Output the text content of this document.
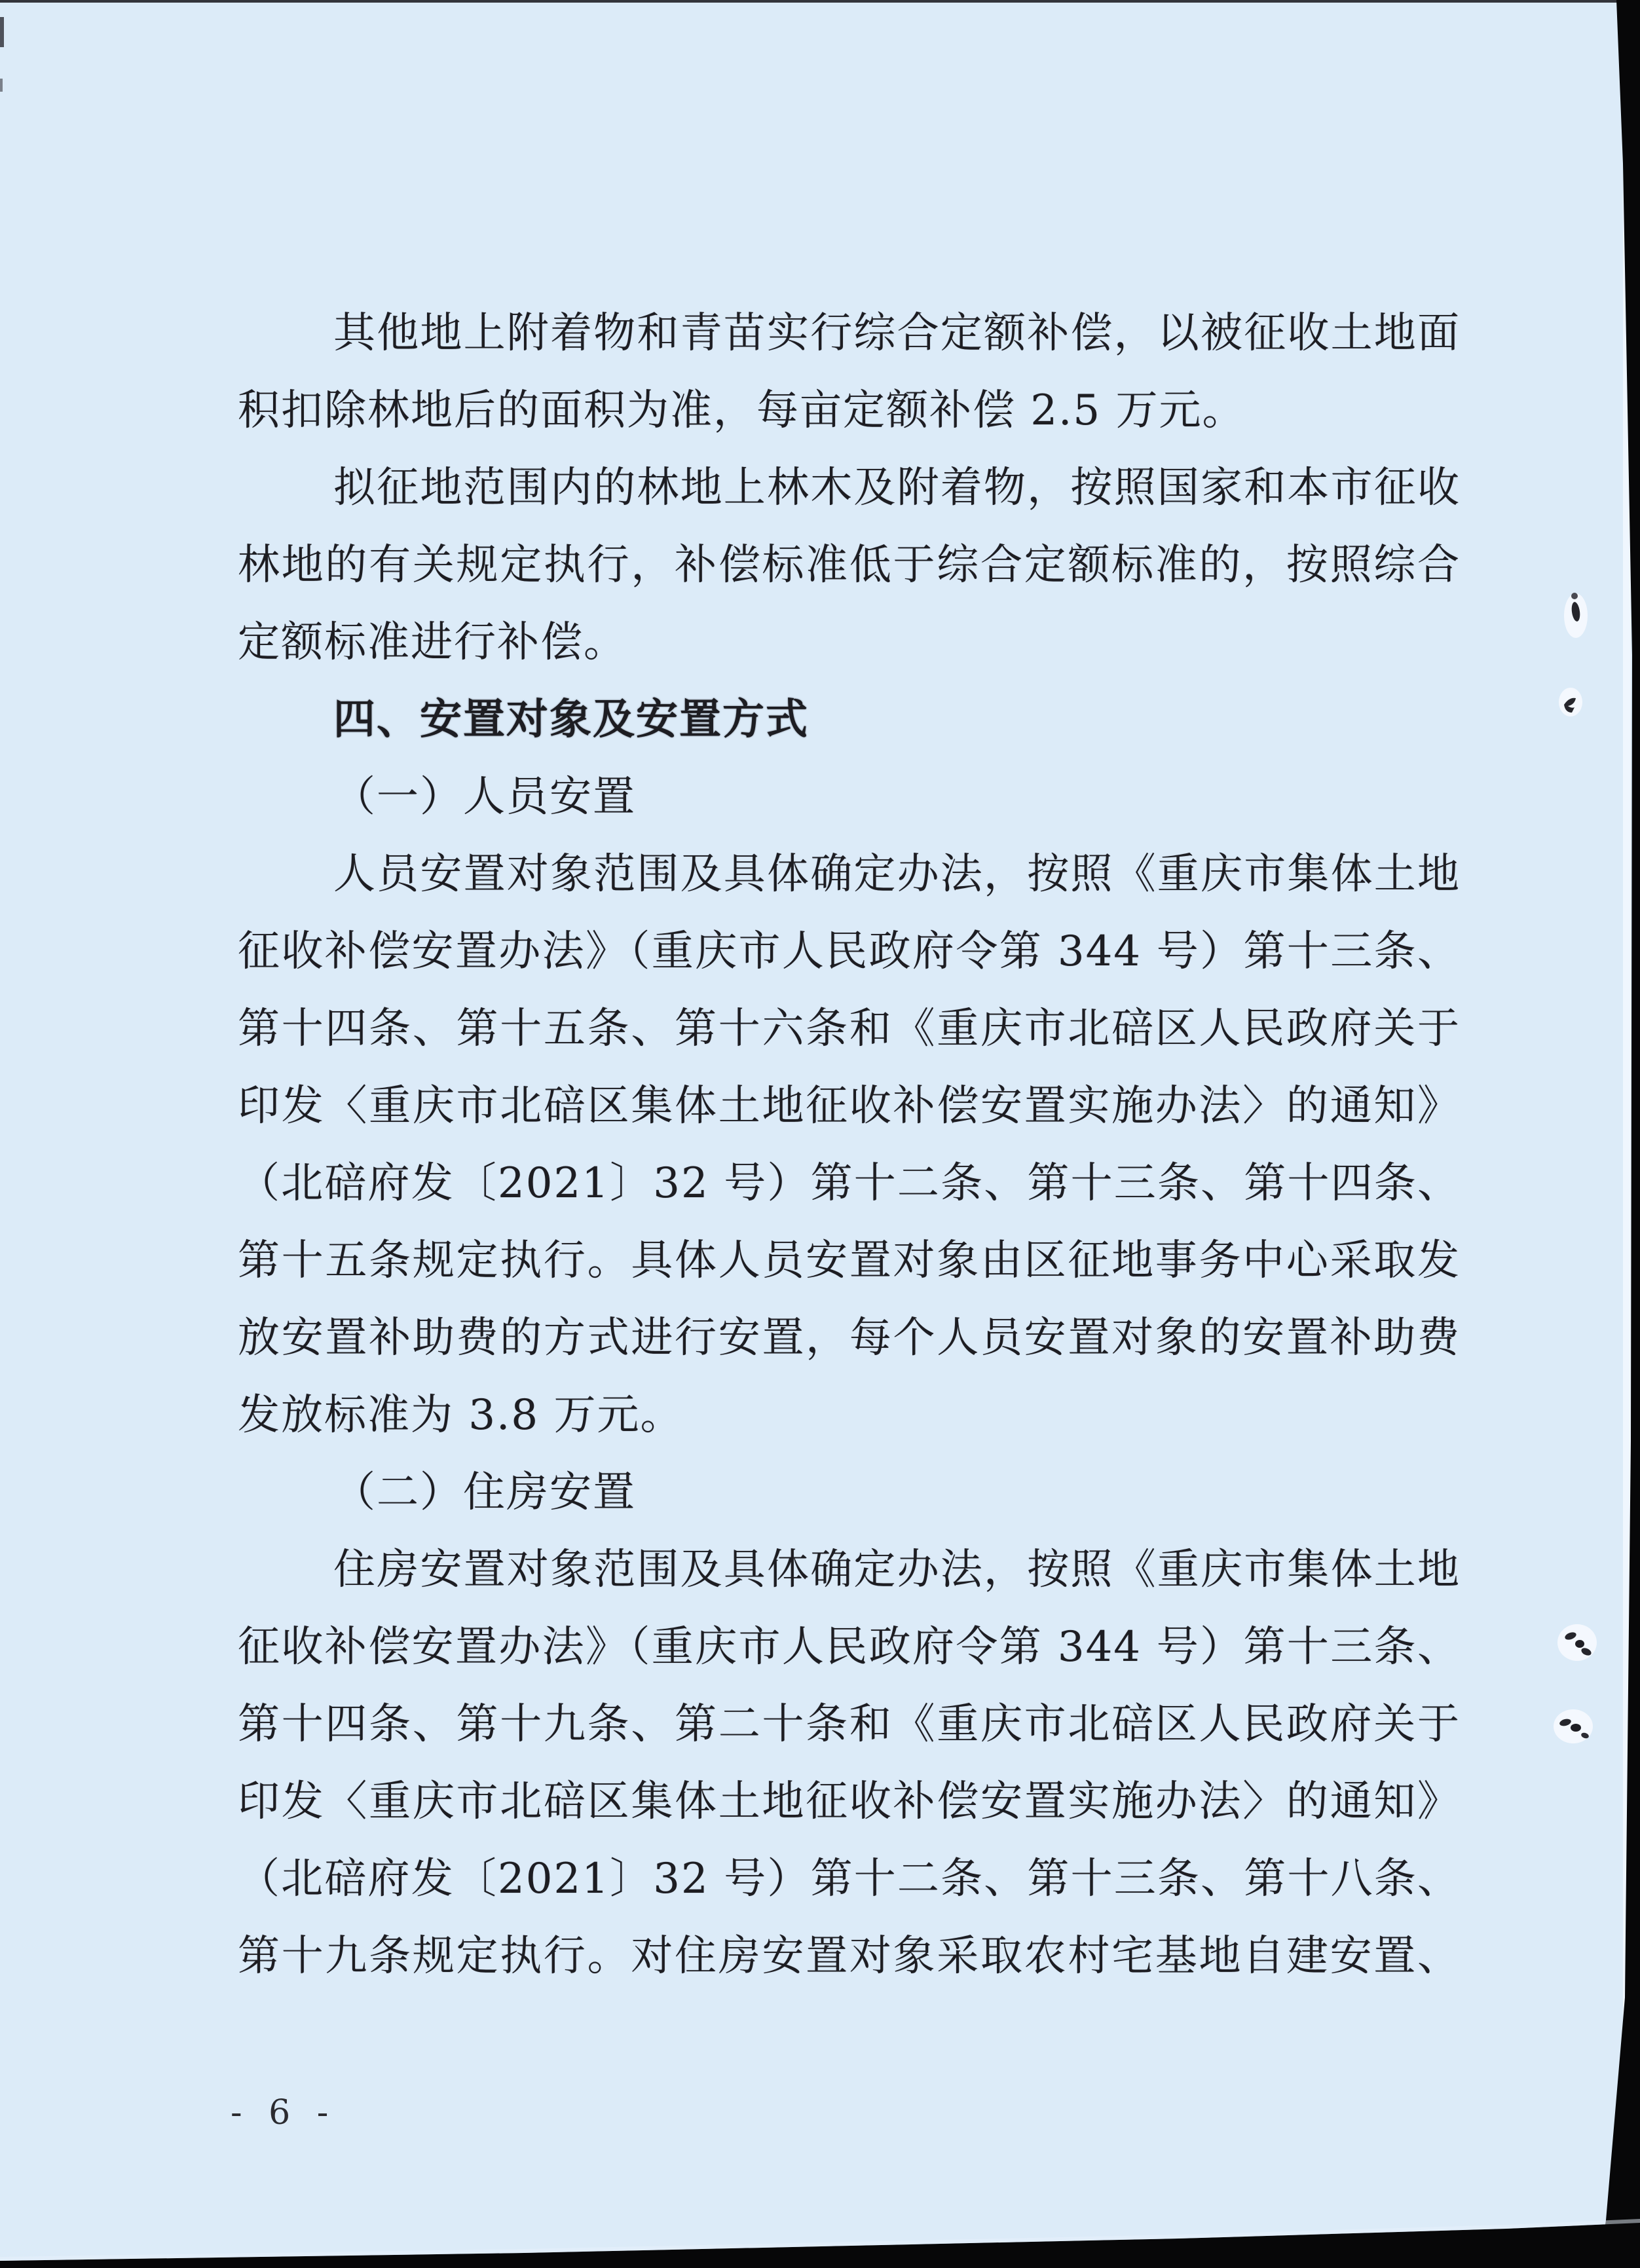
其他地上附着物和青苗实行综合定额补偿，以被征收土地面
积扣除林地后的面积为准，每亩定额补偿 2.5 万元。
拟征地范围内的林地上林木及附着物，按照国家和本市征收
林地的有关规定执行，补偿标准低于综合定额标准的，按照综合
定额标准进行补偿。
四、安置对象及安置方式
（一）人员安置
人员安置对象范围及具体确定办法，按照《重庆市集体土地
征收补偿安置办法》（重庆市人民政府令第 344 号）第十三条、
第十四条、第十五条、第十六条和《重庆市北碚区人民政府关于
印发〈重庆市北碚区集体土地征收补偿安置实施办法〉的通知》
（北碚府发〔2021〕32 号）第十二条、第十三条、第十四条、
第十五条规定执行。具体人员安置对象由区征地事务中心采取发
放安置补助费的方式进行安置，每个人员安置对象的安置补助费
发放标准为 3.8 万元。
（二）住房安置
住房安置对象范围及具体确定办法，按照《重庆市集体土地
征收补偿安置办法》（重庆市人民政府令第 344 号）第十三条、
第十四条、第十九条、第二十条和《重庆市北碚区人民政府关于
印发〈重庆市北碚区集体土地征收补偿安置实施办法〉的通知》
（北碚府发〔2021〕32 号）第十二条、第十三条、第十八条、
第十九条规定执行。对住房安置对象采取农村宅基地自建安置、
- 6 -
